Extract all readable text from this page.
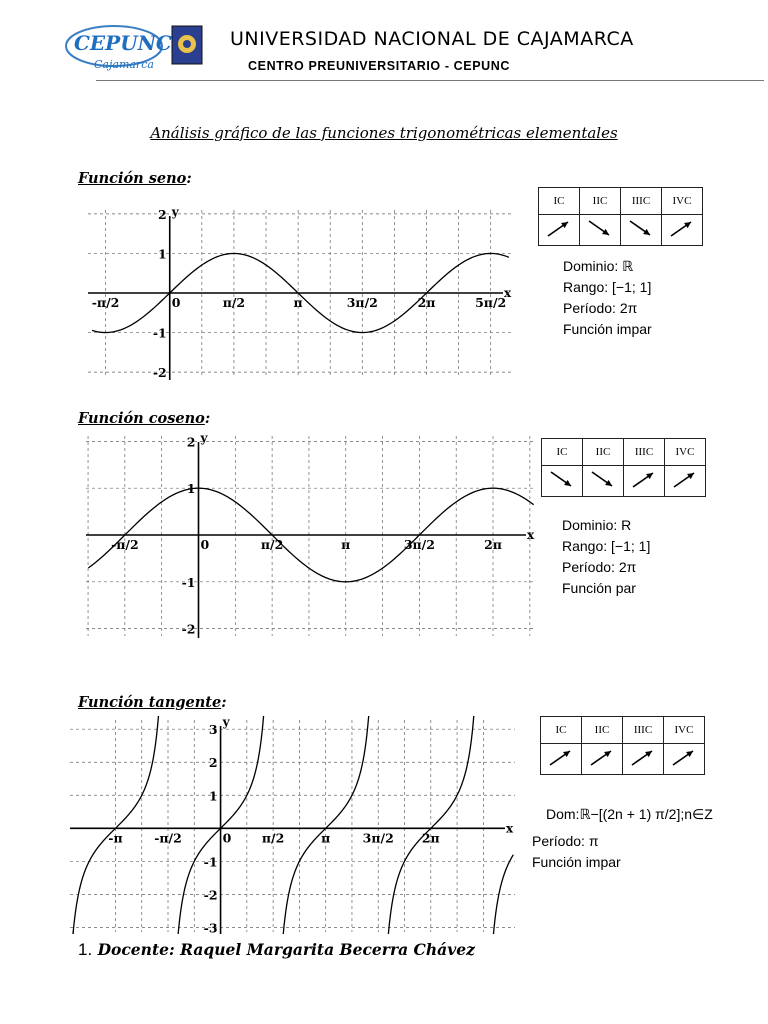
CEPUNC
Cajamarca
UNIVERSIDAD NACIONAL DE CAJAMARCA
CENTRO PREUNIVERSITARIO - CEPUNC
Análisis gráfico de las funciones trigonométricas elementales
Función seno:
x
y
-π/2	0	π/2	π	3π/2	2π	5π/2
2
1
-1
-2
IC	IIC	IIIC	IVC

Dominio: ℝ
Rango: [−1; 1]
Período: 2π
Función impar
Función coseno:
x
y
-π/2	0	π/2	π	3π/2	2π
2
1
-1
-2
IC	IIC	IIIC	IVC

Dominio: R
Rango: [−1; 1]
Período: 2π
Función par
Función tangente:
x
y
-π	-π/2	0 π/2	π	3π/2 2π
3
2
1
-1
-2
-3
IC	IIC	IIIC	IVC

Dom:ℝ−[(2n + 1) π/2];n∈Z
Período: π
Función impar
1. Docente: Raquel Margarita Becerra Chávez
